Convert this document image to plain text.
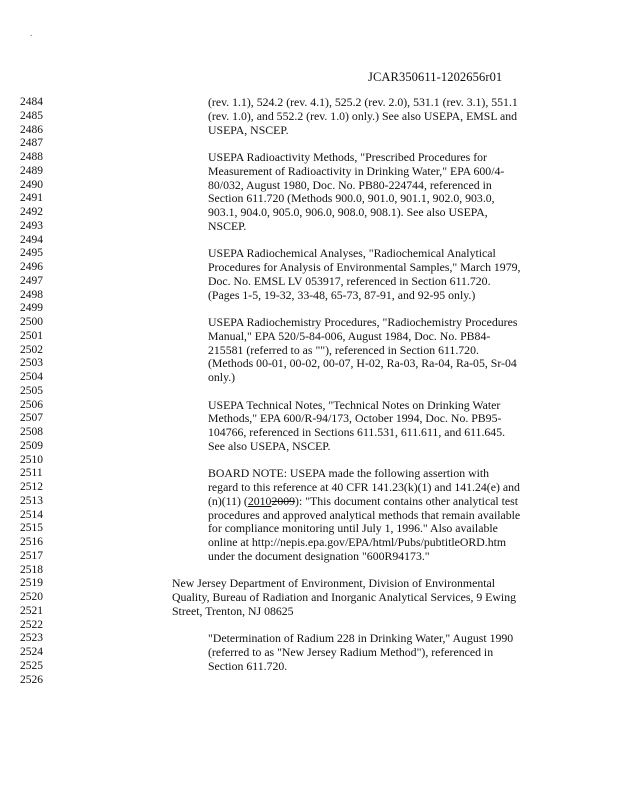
.
JCAR350611-1202656r01
2484
2485
2486
2487
2488
2489
2490
2491
2492
2493
2494
2495
2496
2497
2498
2499
2500
2501
2502
2503
2504
2505
2506
2507
2508
2509
2510
2511
2512
2513
2514
2515
2516
2517
2518
2519
2520
2521
2522
2523
2524
2525
2526
(rev. 1.1), 524.2 (rev. 4.1), 525.2 (rev. 2.0), 531.1 (rev. 3.1), 551.1
(rev. 1.0), and 552.2 (rev. 1.0) only.) See also USEPA, EMSL and
USEPA, NSCEP.
USEPA Radioactivity Methods, "Prescribed Procedures for
Measurement of Radioactivity in Drinking Water," EPA 600/4-
80/032, August 1980, Doc. No. PB80-224744, referenced in
Section 611.720 (Methods 900.0, 901.0, 901.1, 902.0, 903.0,
903.1, 904.0, 905.0, 906.0, 908.0, 908.1). See also USEPA,
NSCEP.
USEPA Radiochemical Analyses, "Radiochemical Analytical
Procedures for Analysis of Environmental Samples," March 1979,
Doc. No. EMSL LV 053917, referenced in Section 611.720.
(Pages 1-5, 19-32, 33-48, 65-73, 87-91, and 92-95 only.)
USEPA Radiochemistry Procedures, "Radiochemistry Procedures
Manual," EPA 520/5-84-006, August 1984, Doc. No. PB84-
215581 (referred to as ""), referenced in Section 611.720.
(Methods 00-01, 00-02, 00-07, H-02, Ra-03, Ra-04, Ra-05, Sr-04
only.)
USEPA Technical Notes, "Technical Notes on Drinking Water
Methods," EPA 600/R-94/173, October 1994, Doc. No. PB95-
104766, referenced in Sections 611.531, 611.611, and 611.645.
See also USEPA, NSCEP.
BOARD NOTE: USEPA made the following assertion with
regard to this reference at 40 CFR 141.23(k)(1) and 141.24(e) and
(n)(11) (20102009): "This document contains other analytical test
procedures and approved analytical methods that remain available
for compliance monitoring until July 1, 1996." Also available
online at http://nepis.epa.gov/EPA/html/Pubs/pubtitleORD.htm
under the document designation "600R94173."
New Jersey Department of Environment, Division of Environmental
Quality, Bureau of Radiation and Inorganic Analytical Services, 9 Ewing
Street, Trenton, NJ 08625
"Determination of Radium 228 in Drinking Water," August 1990
(referred to as "New Jersey Radium Method"), referenced in
Section 611.720.
